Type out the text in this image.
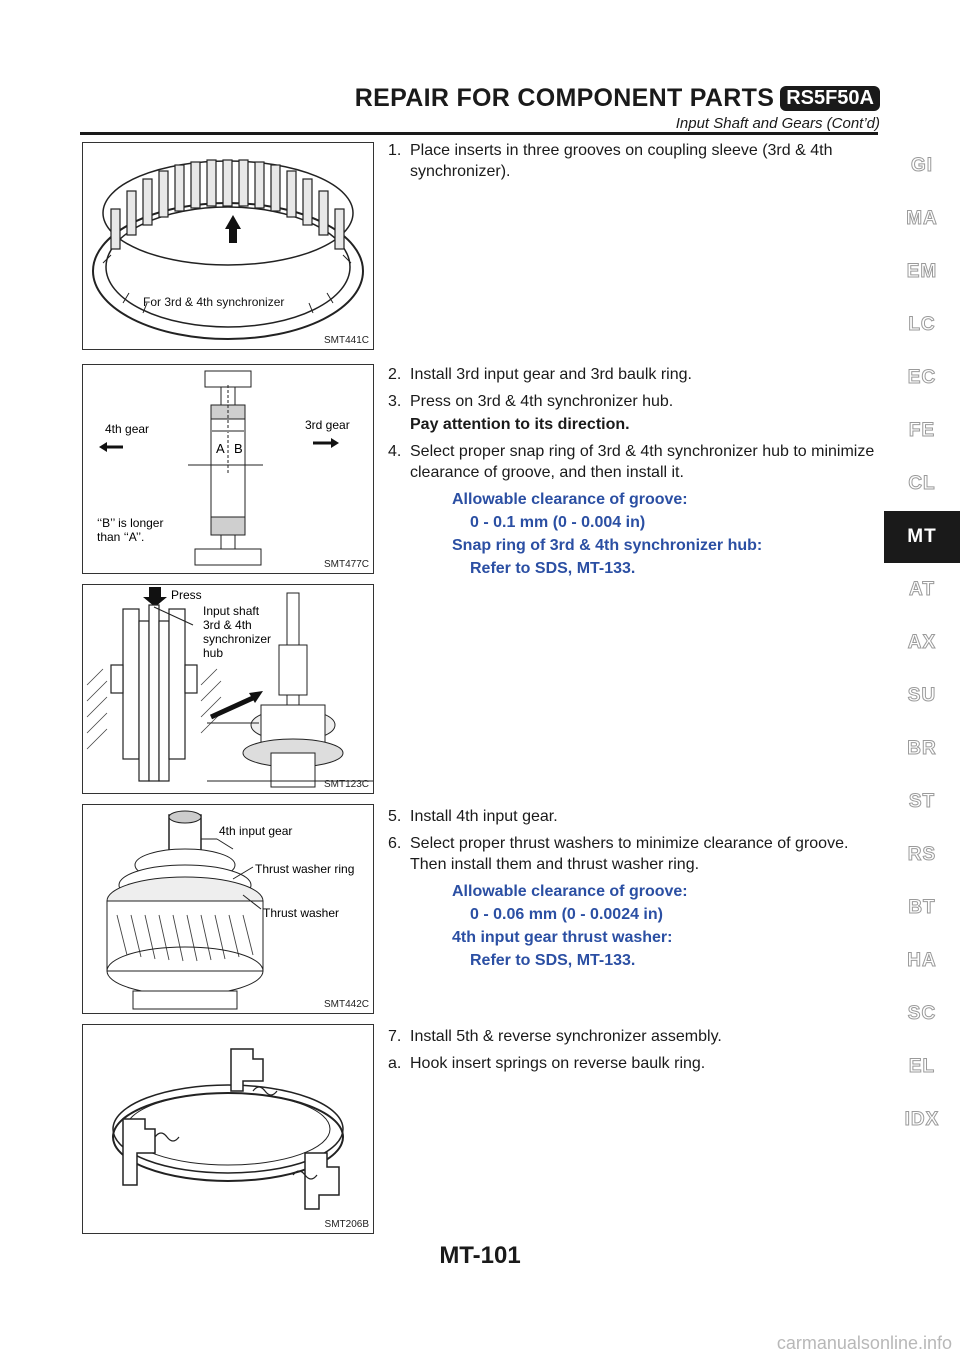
REPAIR FOR COMPONENT PARTS RS5F50A
Input Shaft and Gears (Cont’d)
For 3rd & 4th synchronizer
SMT441C
A B
4th gear	3rd gear
‘‘B’’ is longer
than ‘‘A’’.
SMT477C
Press
Input shaft
3rd & 4th
synchronizer
hub
SMT123C
4th input gear
Thrust washer ring
Thrust washer
SMT442C
SMT206B
1. Place inserts in three grooves on coupling sleeve (3rd & 4th synchronizer).
2. Install 3rd input gear and 3rd baulk ring.
3. Press on 3rd & 4th synchronizer hub.
Pay attention to its direction.
4. Select proper snap ring of 3rd & 4th synchronizer hub to minimize clearance of groove, and then install it.
Allowable clearance of groove:
0 - 0.1 mm (0 - 0.004 in)
Snap ring of 3rd & 4th synchronizer hub:
Refer to SDS, MT-133.
5. Install 4th input gear.
6. Select proper thrust washers to minimize clearance of groove. Then install them and thrust washer ring.
Allowable clearance of groove:
0 - 0.06 mm (0 - 0.0024 in)
4th input gear thrust washer:
Refer to SDS, MT-133.
7. Install 5th & reverse synchronizer assembly.
a. Hook insert springs on reverse baulk ring.
GI
MA
EM
LC
EC
FE
CL
MT
AT
AX
SU
BR
ST
RS
BT
HA
SC
EL
IDX
MT-101
carmanualsonline.info
